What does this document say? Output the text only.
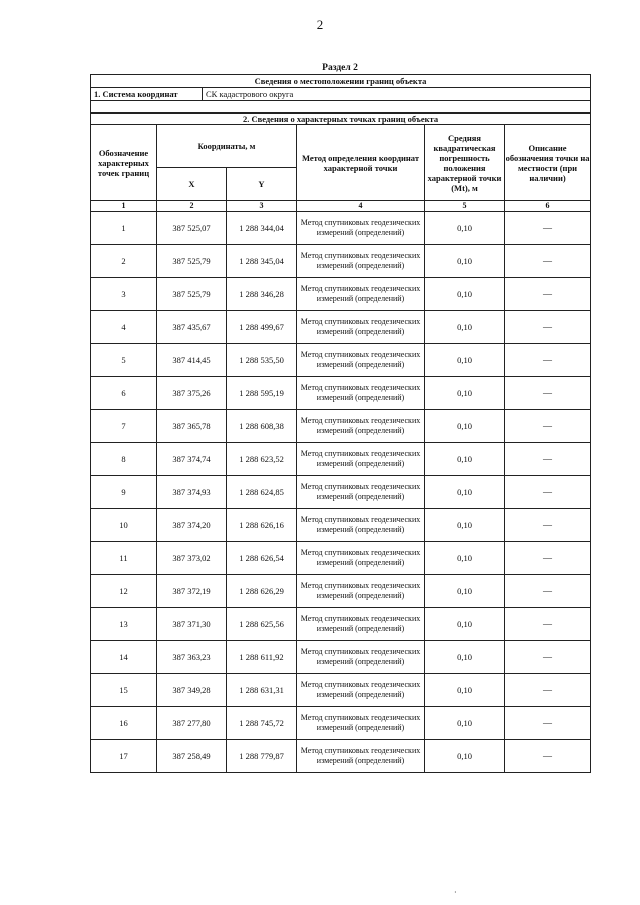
2
Раздел 2
Сведения о местоположении границ объекта
1. Система координат	СК кадастрового округа

2. Сведения о характерных точках границ объекта					
Обозначение характерных точек границ	Координаты, м		Метод определения координат характерной точки	Средняя квадратическая погрешность положения характерной точки (Mt), м	Описание обозначения точки на местности (при наличии)
	X	Y			
1	2	3	4	5	6
1	387 525,07	1 288 344,04	Метод спутниковых геодезических измерений (определений)	0,10	—
2	387 525,79	1 288 345,04	Метод спутниковых геодезических измерений (определений)	0,10	—
3	387 525,79	1 288 346,28	Метод спутниковых геодезических измерений (определений)	0,10	—
4	387 435,67	1 288 499,67	Метод спутниковых геодезических измерений (определений)	0,10	—
5	387 414,45	1 288 535,50	Метод спутниковых геодезических измерений (определений)	0,10	—
6	387 375,26	1 288 595,19	Метод спутниковых геодезических измерений (определений)	0,10	—
7	387 365,78	1 288 608,38	Метод спутниковых геодезических измерений (определений)	0,10	—
8	387 374,74	1 288 623,52	Метод спутниковых геодезических измерений (определений)	0,10	—
9	387 374,93	1 288 624,85	Метод спутниковых геодезических измерений (определений)	0,10	—
10	387 374,20	1 288 626,16	Метод спутниковых геодезических измерений (определений)	0,10	—
11	387 373,02	1 288 626,54	Метод спутниковых геодезических измерений (определений)	0,10	—
12	387 372,19	1 288 626,29	Метод спутниковых геодезических измерений (определений)	0,10	—
13	387 371,30	1 288 625,56	Метод спутниковых геодезических измерений (определений)	0,10	—
14	387 363,23	1 288 611,92	Метод спутниковых геодезических измерений (определений)	0,10	—
15	387 349,28	1 288 631,31	Метод спутниковых геодезических измерений (определений)	0,10	—
16	387 277,80	1 288 745,72	Метод спутниковых геодезических измерений (определений)	0,10	—
17	387 258,49	1 288 779,87	Метод спутниковых геодезических измерений (определений)	0,10	—
·
